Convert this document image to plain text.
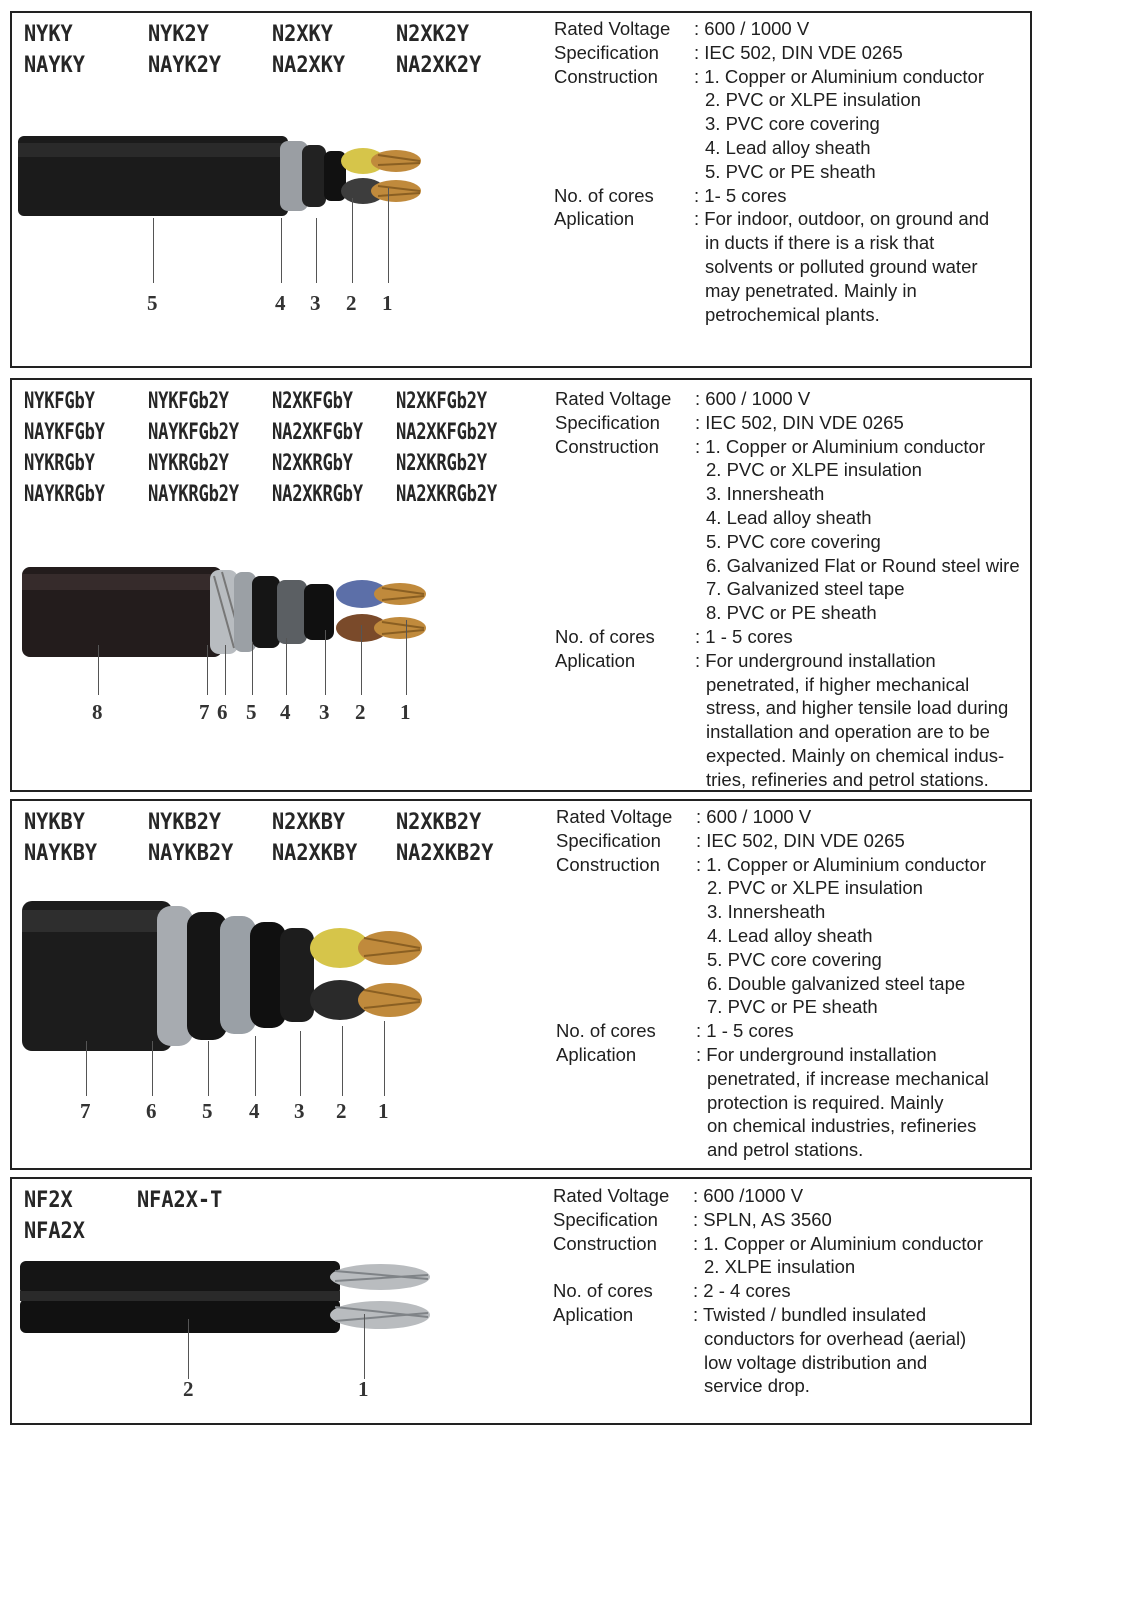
NYKY	NYK2Y	N2XKY	N2XK2Y
NAYKY	NAYK2Y NA2XKY NA2XK2Y
5	4 3 2 1
Rated Voltage	: 600 / 1000 V
Specification	: IEC 502, DIN VDE 0265
Construction	: 1. Copper or Aluminium conductor
2. PVC or XLPE insulation
3. PVC core covering
4. Lead alloy sheath
5. PVC or PE sheath
No. of cores	: 1- 5 cores
Aplication	: For indoor, outdoor, on ground and
in ducts if there is a risk that
solvents or polluted ground water
may penetrated. Mainly in
petrochemical plants.
NYKFGbY NYKFGb2Y N2XKFGbY N2XKFGb2Y
NAYKFGbY NAYKFGb2Y NA2XKFGbY NA2XKFGb2Y
NYKRGbY NYKRGb2Y N2XKRGbY N2XKRGb2Y
NAYKRGbY NAYKRGb2Y NA2XKRGbY NA2XKRGb2Y
8	7 6 5 4 3 2 1
Rated Voltage	: 600 / 1000 V
Specification	: IEC 502, DIN VDE 0265
Construction	: 1. Copper or Aluminium conductor
2. PVC or XLPE insulation
3. Innersheath
4. Lead alloy sheath
5. PVC core covering
6. Galvanized Flat or Round steel wire
7. Galvanized steel tape
8. PVC or PE sheath
No. of cores	: 1 - 5 cores
Aplication	: For underground installation
penetrated, if higher mechanical
stress, and higher tensile load during
installation and operation are to be
expected. Mainly on chemical indus-
tries, refineries and petrol stations.
NYKBY	NYKB2Y N2XKBY N2XKB2Y
NAYKBY NAYKB2Y NA2XKBY NA2XKB2Y
7	6 5 4 3 2 1
Rated Voltage	: 600 / 1000 V
Specification	: IEC 502, DIN VDE 0265
Construction	: 1. Copper or Aluminium conductor
2. PVC or XLPE insulation
3. Innersheath
4. Lead alloy sheath
5. PVC core covering
6. Double galvanized steel tape
7. PVC or PE sheath
No. of cores	: 1 - 5 cores
Aplication	: For underground installation
penetrated, if increase mechanical
protection is required. Mainly
on chemical industries, refineries
and petrol stations.
NF2X	NFA2X-T
NFA2X
2	1
Rated Voltage	: 600 /1000 V
Specification	: SPLN, AS 3560
Construction	: 1. Copper or Aluminium conductor
2. XLPE insulation
No. of cores	: 2 - 4 cores
Aplication	: Twisted / bundled insulated
conductors for overhead (aerial)
low voltage distribution and
service drop.
